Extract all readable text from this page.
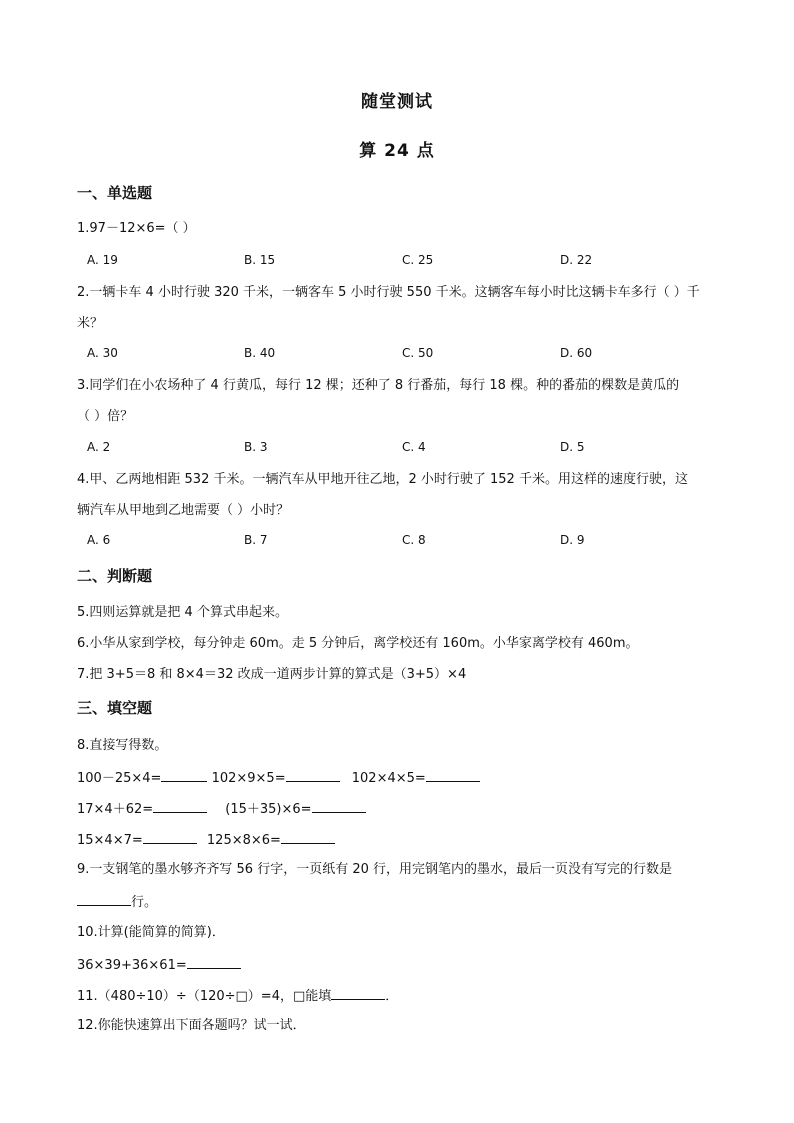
随堂测试
算 24 点
一、单选题
1.97－12×6=（ ）
A. 19	B. 15	C. 25	D. 22
2.一辆卡车 4 小时行驶 320 千米，一辆客车 5 小时行驶 550 千米。这辆客车每小时比这辆卡车多行（ ）千
米？
A. 30	B. 40	C. 50	D. 60
3.同学们在小农场种了 4 行黄瓜，每行 12 棵；还种了 8 行番茄，每行 18 棵。种的番茄的棵数是黄瓜的
（ ）倍？
A. 2	B. 3	C. 4	D. 5
4.甲、乙两地相距 532 千米。一辆汽车从甲地开往乙地，2 小时行驶了 152 千米。用这样的速度行驶，这
辆汽车从甲地到乙地需要（ ）小时？
A. 6	B. 7	C. 8	D. 9
二、判断题
5.四则运算就是把 4 个算式串起来。
6.小华从家到学校，每分钟走 60m。走 5 分钟后，离学校还有 160m。小华家离学校有 460m。
7.把 3+5＝8 和 8×4＝32 改成一道两步计算的算式是（3+5）×4
三、填空题
8.直接写得数。
100－25×4=	102×9×5=	102×4×5=
17×4＋62=	(15＋35)×6=
15×4×7=	125×8×6=
9.一支钢笔的墨水够齐齐写 56 行字，一页纸有 20 行，用完钢笔内的墨水，最后一页没有写完的行数是
行。
10.计算(能简算的简算)．
36×39+36×61=
11.（480÷10）÷（120÷□）=4，□能填	．
12.你能快速算出下面各题吗？试一试．
